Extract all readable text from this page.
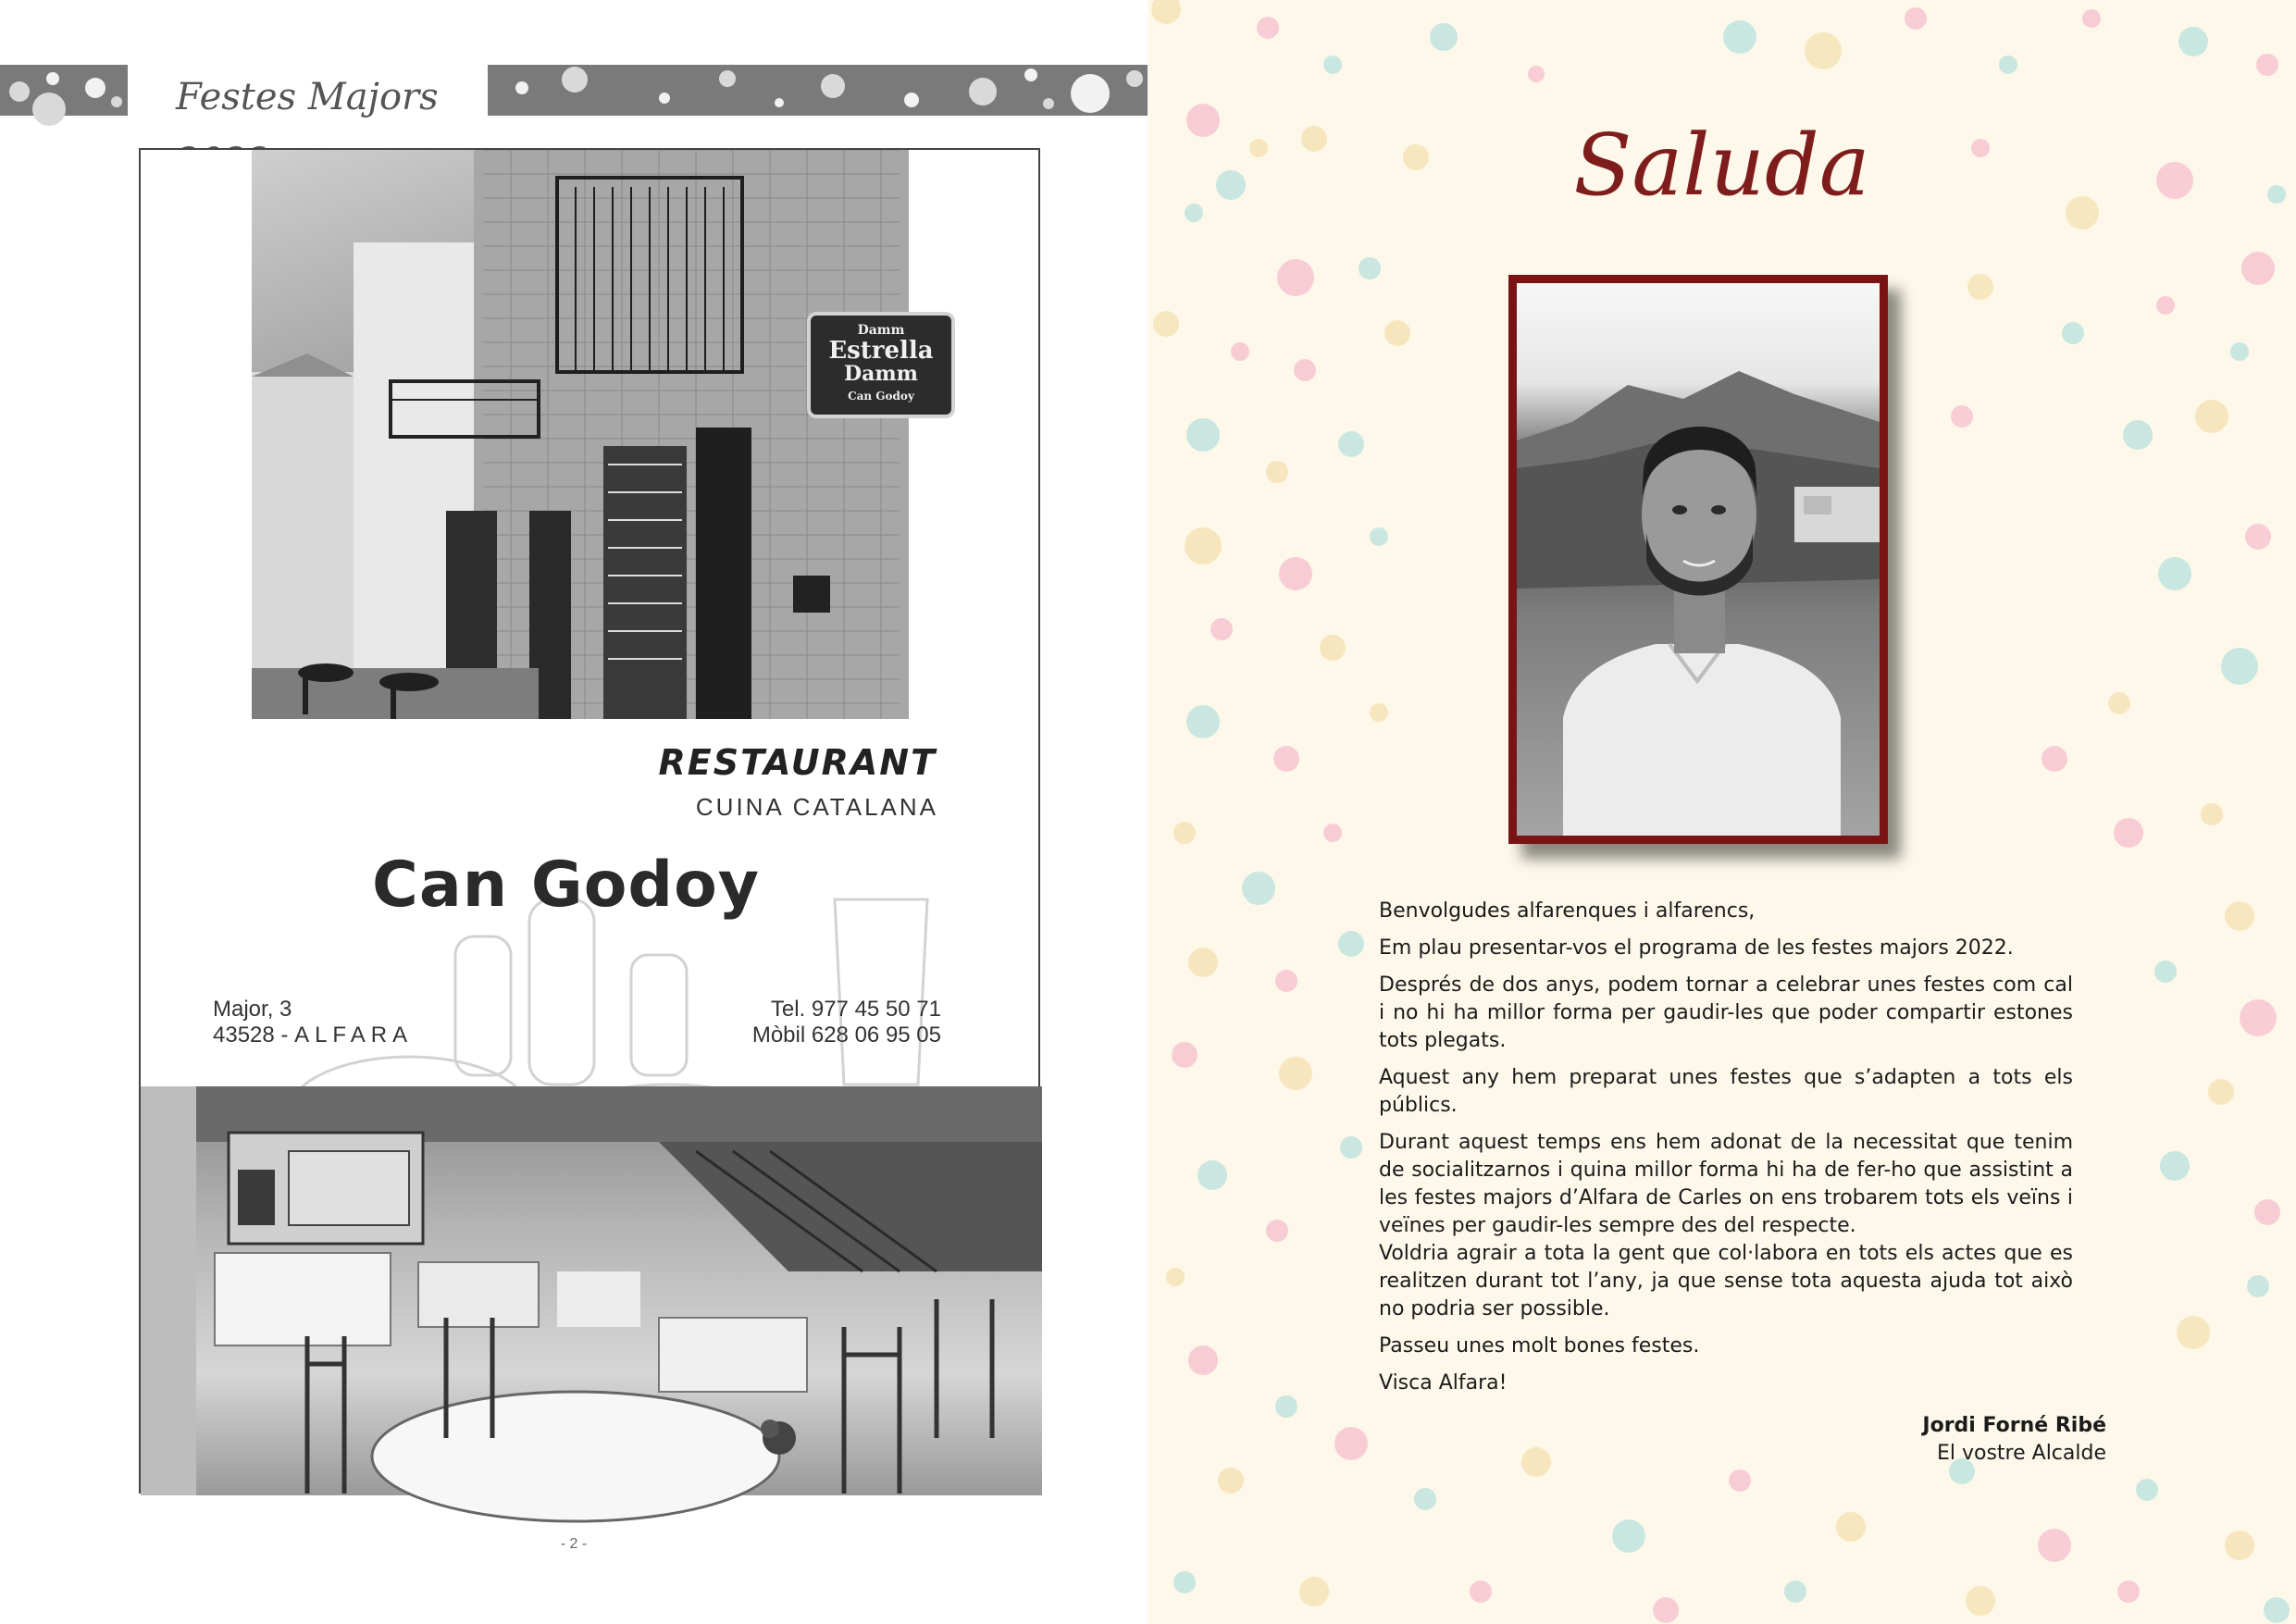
Festes Majors
Damm
Estrella
Damm
Can Godoy
RESTAURANT
CUINA CATALANA
Can Godoy
Major, 3
43528 - ALFARA
Tel. 977 45 50 71
Mòbil 628 06 95 05
- 2 -
Saluda

Benvolgudes alfarenques i alfarencs,

Em plau presentar-vos el programa de les festes majors 2022.

Després de dos anys, podem tornar a celebrar unes festes com cal i no hi ha millor forma per gaudir-les que poder compartir estones tots plegats.

Aquest any hem preparat unes festes que s’adapten a tots els públics.

Durant aquest temps ens hem adonat de la necessitat que tenim de socialitzarnos i quina millor forma hi ha de fer-ho que assistint a les festes majors d’Alfara de Carles on ens trobarem tots els veïns i veïnes per gaudir-les sempre des del respecte.

Voldria agrair a tota la gent que col·labora en tots els actes que es realitzen durant tot l’any, ja que sense tota aquesta ajuda tot això no podria ser possible.

Passeu unes molt bones festes.

Visca Alfara!

Jordi Forné Ribé
El vostre Alcalde
